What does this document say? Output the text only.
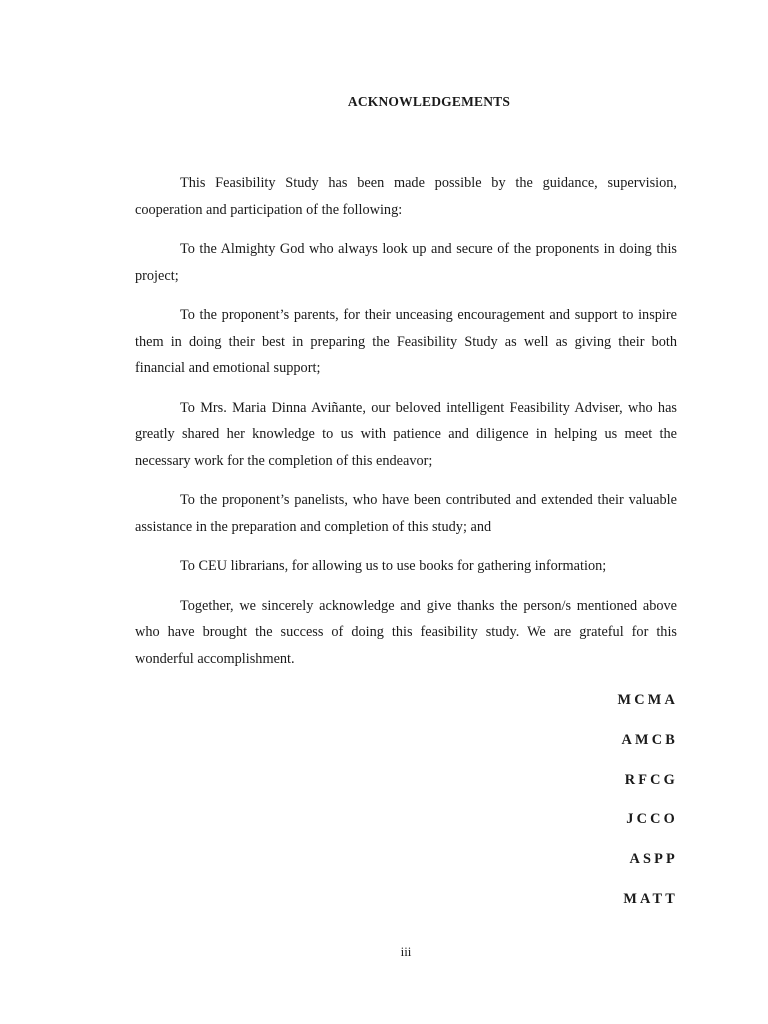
ACKNOWLEDGEMENTS

This Feasibility Study has been made possible by the guidance, supervision, cooperation and participation of the following:

To the Almighty God who always look up and secure of the proponents in doing this project;

To the proponent’s parents, for their unceasing encouragement and support to inspire them in doing their best in preparing the Feasibility Study as well as giving their both financial and emotional support;

To Mrs. Maria Dinna Aviñante, our beloved intelligent Feasibility Adviser, who has greatly shared her knowledge to us with patience and diligence in helping us meet the necessary work for the completion of this endeavor;

To the proponent’s panelists, who have been contributed and extended their valuable assistance in the preparation and completion of this study; and

To CEU librarians, for allowing us to use books for gathering information;

Together, we sincerely acknowledge and give thanks the person/s mentioned above who have brought the success of doing this feasibility study. We are grateful for this wonderful accomplishment.

MCMA
AMCB
RFCG
JCCO
ASPP
MATT
iii
